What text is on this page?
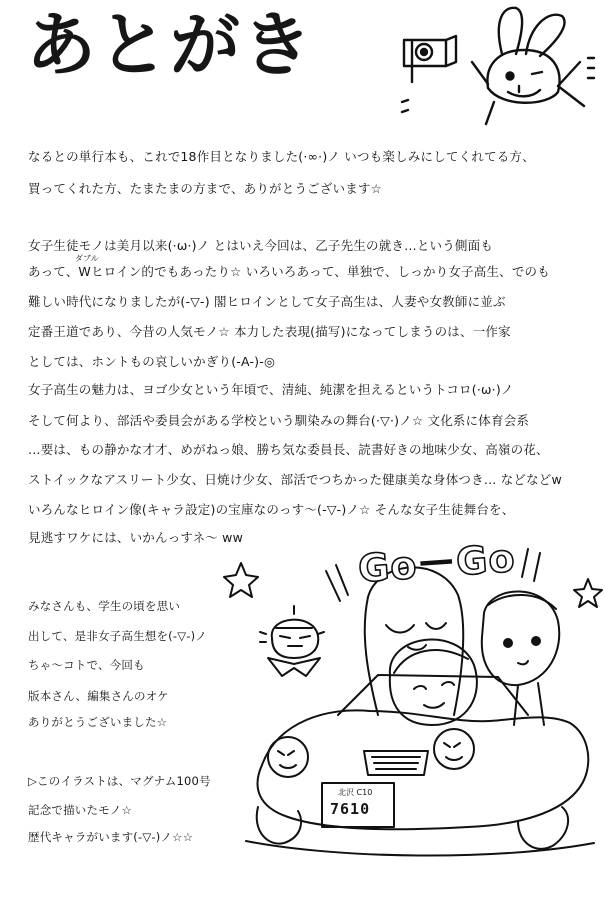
あとがき
なるとの単行本も、これで18作目となりました(·∞·)ノ いつも楽しみにしてくれてる方、
買ってくれた方、たまたまの方まで、ありがとうございます☆
ダブル
女子生徒モノは美月以来(·ω·)ノ とはいえ今回は、乙子先生の就き…という側面も
あって、Wヒロイン的でもあったり☆ いろいろあって、単独で、しっかり女子高生、でのも
難しい時代になりましたが(-▽-) 閣ヒロインとして女子高生は、人妻や女教師に並ぶ
定番王道であり、今昔の人気モノ☆ 本力した表現(描写)になってしまうのは、一作家
としては、ホントもの哀しいかぎり(-A-)-◎
女子高生の魅力は、ヨゴ少女という年頃で、清純、純潔を担えるというトコロ(·ω·)ノ
そして何より、部活や委員会がある学校という馴染みの舞台(·▽·)ノ☆ 文化系に体育会系
…要は、もの静かな才才、めがねっ娘、勝ち気な委員長、読書好きの地味少女、高嶺の花、
ストイックなアスリート少女、日焼け少女、部活でつちかった健康美な身体つき… などなどw
いろんなヒロイン像(キャラ設定)の宝庫なのっす〜(-▽-)ノ☆ そんな女子生徒舞台を、
見逃すワケには、いかんっすネ〜 ww	Go－Go
北沢 C10
7610
みなさんも、学生の頃を思い
出して、是非女子高生想を(-▽-)ノ
ちゃ〜コトで、今回も
版本さん、編集さんのオケ
ありがとうございました☆
▷このイラストは、マグナム100号
記念で描いたモノ☆
歴代キャラがいます(-▽-)ノ☆☆
